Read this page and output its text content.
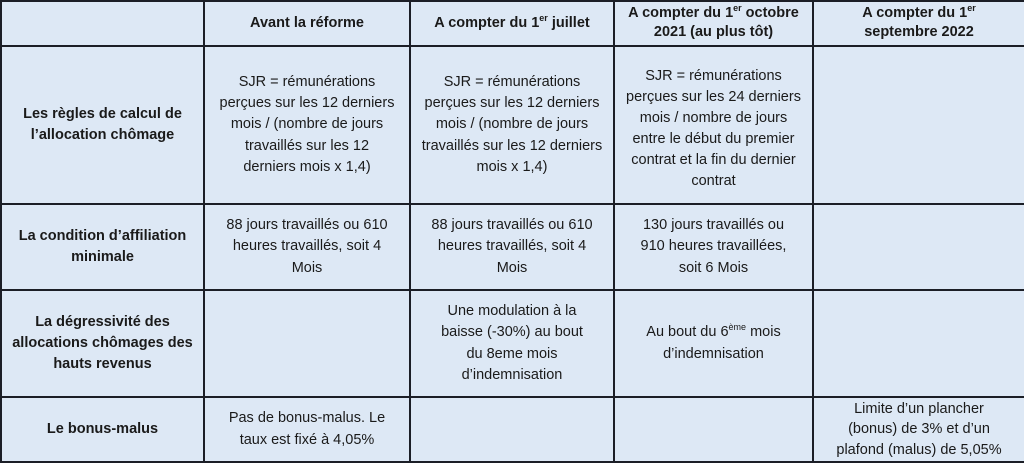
	Avant la réforme	A compter du 1er juillet	A compter du 1er octobre 2021 (au plus tôt)	A compter du 1er septembre 2022
Les règles de calcul de l’allocation chômage	SJR = rémunérations perçues sur les 12 derniers mois / (nombre de jours travaillés sur les 12 derniers mois x 1,4)	SJR = rémunérations perçues sur les 12 derniers mois / (nombre de jours travaillés sur les 12 derniers mois x 1,4)	SJR = rémunérations perçues sur les 24 derniers mois / nombre de jours entre le début du premier contrat et la fin du dernier contrat	
La condition d’affiliation minimale	88 jours travaillés ou 610 heures travaillés, soit 4 Mois	88 jours travaillés ou 610 heures travaillés, soit 4 Mois	130 jours travaillés ou 910 heures travaillées, soit 6 Mois	
La dégressivité des allocations chômages des hauts revenus		Une modulation à la baisse (-30%) au bout du 8eme mois d’indemnisation	Au bout du 6ème mois d’indemnisation	
Le bonus-malus	Pas de bonus-malus. Le taux est fixé à 4,05%			Limite d’un plancher (bonus) de 3% et d’un plafond (malus) de 5,05%
